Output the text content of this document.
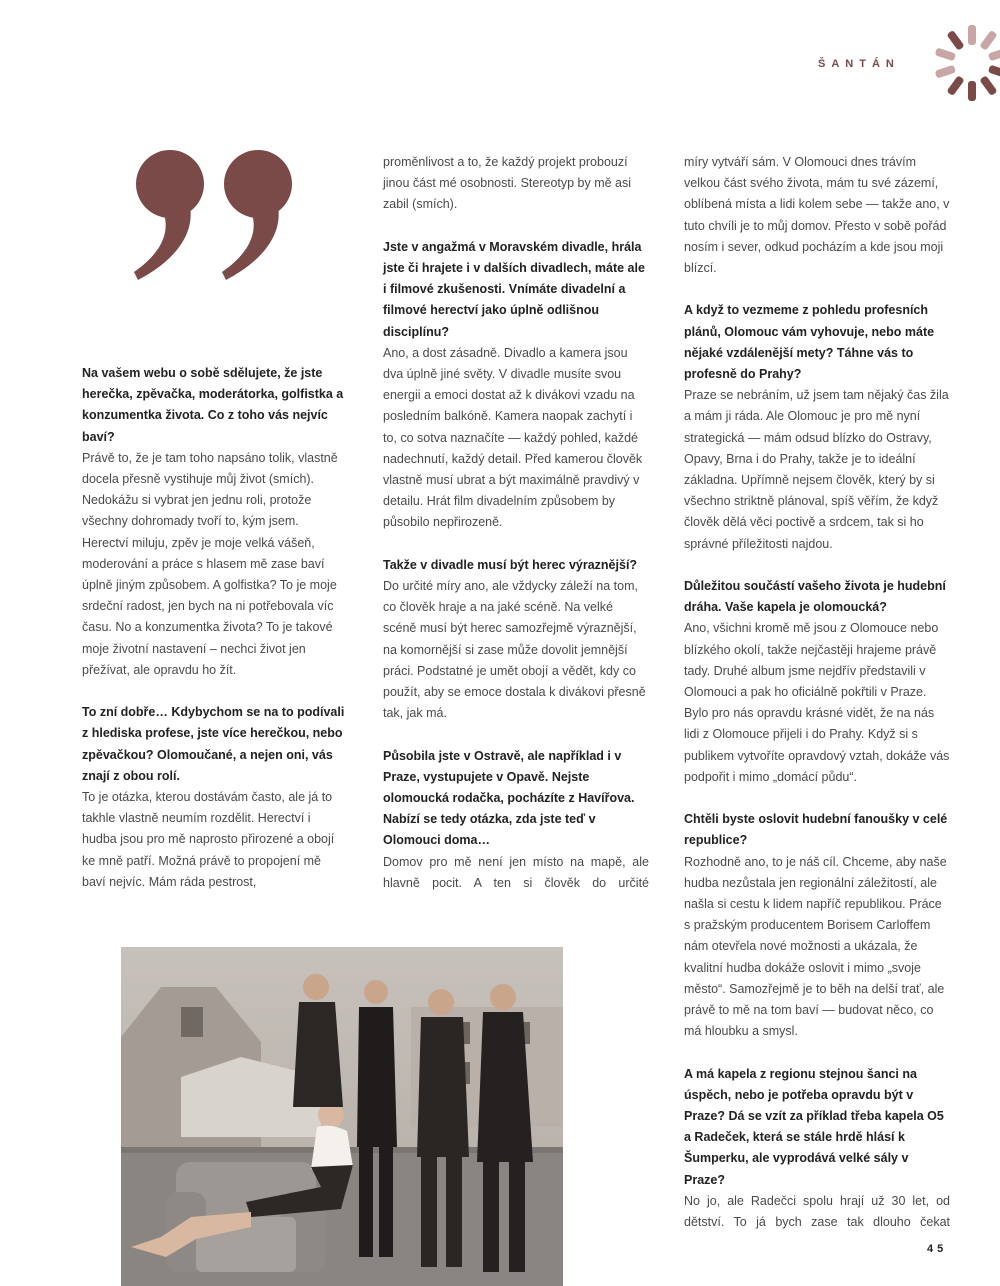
ŠANTÁN

Na vašem webu o sobě sdělujete, že jste herečka, zpěvačka, moderátorka, golfistka a konzumentka života. Co z toho vás nejvíc baví?

Právě to, že je tam toho napsáno tolik, vlastně docela přesně vystihuje můj život (smích). Nedokážu si vybrat jen jednu roli, protože všechny dohromady tvoří to, kým jsem. Herectví miluju, zpěv je moje velká vášeň, moderování a práce s hlasem mě zase baví úplně jiným způsobem. A golfistka? To je moje srdeční radost, jen bych na ni potřebovala víc času. No a konzumentka života? To je takové moje životní nastavení – nechci život jen přežívat, ale opravdu ho žít.

To zní dobře… Kdybychom se na to podívali z hlediska profese, jste více herečkou, nebo zpěvačkou? Olomoučané, a nejen oni, vás znají z obou rolí.

To je otázka, kterou dostávám často, ale já to takhle vlastně neumím rozdělit. Herectví i hudba jsou pro mě naprosto přirozené a obojí ke mně patří. Možná právě to propojení mě baví nejvíc. Mám ráda pestrost,

proměnlivost a to, že každý projekt probouzí jinou část mé osobnosti. Stereotyp by mě asi zabil (smích).

Jste v angažmá v Moravském divadle, hrála jste či hrajete i v dalších divadlech, máte ale i filmové zkušenosti. Vnímáte divadelní a filmové herectví jako úplně odlišnou disciplínu?

Ano, a dost zásadně. Divadlo a kamera jsou dva úplně jiné světy. V divadle musíte svou energii a emoci dostat až k divákovi vzadu na posledním balkóně. Kamera naopak zachytí i to, co sotva naznačíte — každý pohled, každé nadechnutí, každý detail. Před kamerou člověk vlastně musí ubrat a být maximálně pravdivý v detailu. Hrát film divadelním způsobem by působilo nepřirozeně.

Takže v divadle musí být herec výraznější?

Do určité míry ano, ale vždycky záleží na tom, co člověk hraje a na jaké scéně. Na velké scéně musí být herec samozřejmě výraznější, na komornější si zase může dovolit jemnější práci. Podstatné je umět obojí a vědět, kdy co použít, aby se emoce dostala k divákovi přesně tak, jak má.

Působila jste v Ostravě, ale například i v Praze, vystupujete v Opavě. Nejste olomoucká rodačka, pocházíte z Havířova. Nabízí se tedy otázka, zda jste teď v Olomouci doma…

Domov pro mě není jen místo na mapě, ale hlavně pocit. A ten si člověk do určité

míry vytváří sám. V Olomouci dnes trávím velkou část svého života, mám tu své zázemí, oblíbená místa a lidi kolem sebe — takže ano, v tuto chvíli je to můj domov. Přesto v sobě pořád nosím i sever, odkud pocházím a kde jsou moji blízcí.

A když to vezmeme z pohledu profesních plánů, Olomouc vám vyhovuje, nebo máte nějaké vzdálenější mety? Táhne vás to profesně do Prahy?

Praze se nebráním, už jsem tam nějaký čas žila a mám ji ráda. Ale Olomouc je pro mě nyní strategická — mám odsud blízko do Ostravy, Opavy, Brna i do Prahy, takže je to ideální základna. Upřímně nejsem člověk, který by si všechno striktně plánoval, spíš věřím, že když člověk dělá věci poctivě a srdcem, tak si ho správné příležitosti najdou.

Důležitou součástí vašeho života je hudební dráha. Vaše kapela je olomoucká?

Ano, všichni kromě mě jsou z Olomouce nebo blízkého okolí, takže nejčastěji hrajeme právě tady. Druhé album jsme nejdřív představili v Olomouci a pak ho oficiálně pokřtili v Praze. Bylo pro nás opravdu krásné vidět, že na nás lidi z Olomouce přijeli i do Prahy. Když si s publikem vytvoříte opravdový vztah, dokáže vás podpořit i mimo „domácí půdu“.

Chtěli byste oslovit hudební fanoušky v celé republice?

Rozhodně ano, to je náš cíl. Chceme, aby naše hudba nezůstala jen regionální záležitostí, ale našla si cestu k lidem napříč republikou. Práce s pražským producentem Borisem Carloffem nám otevřela nové možnosti a ukázala, že kvalitní hudba dokáže oslovit i mimo „svoje město“. Samozřejmě je to běh na delší trať, ale právě to mě na tom baví — budovat něco, co má hloubku a smysl.

A má kapela z regionu stejnou šanci na úspěch, nebo je potřeba opravdu být v Praze? Dá se vzít za příklad třeba kapela O5 a Radeček, která se stále hrdě hlásí k Šumperku, ale vyprodává velké sály v Praze?

No jo, ale Radečci spolu hrají už 30 let, od dětství. To já bych zase tak dlouho čekat

45
